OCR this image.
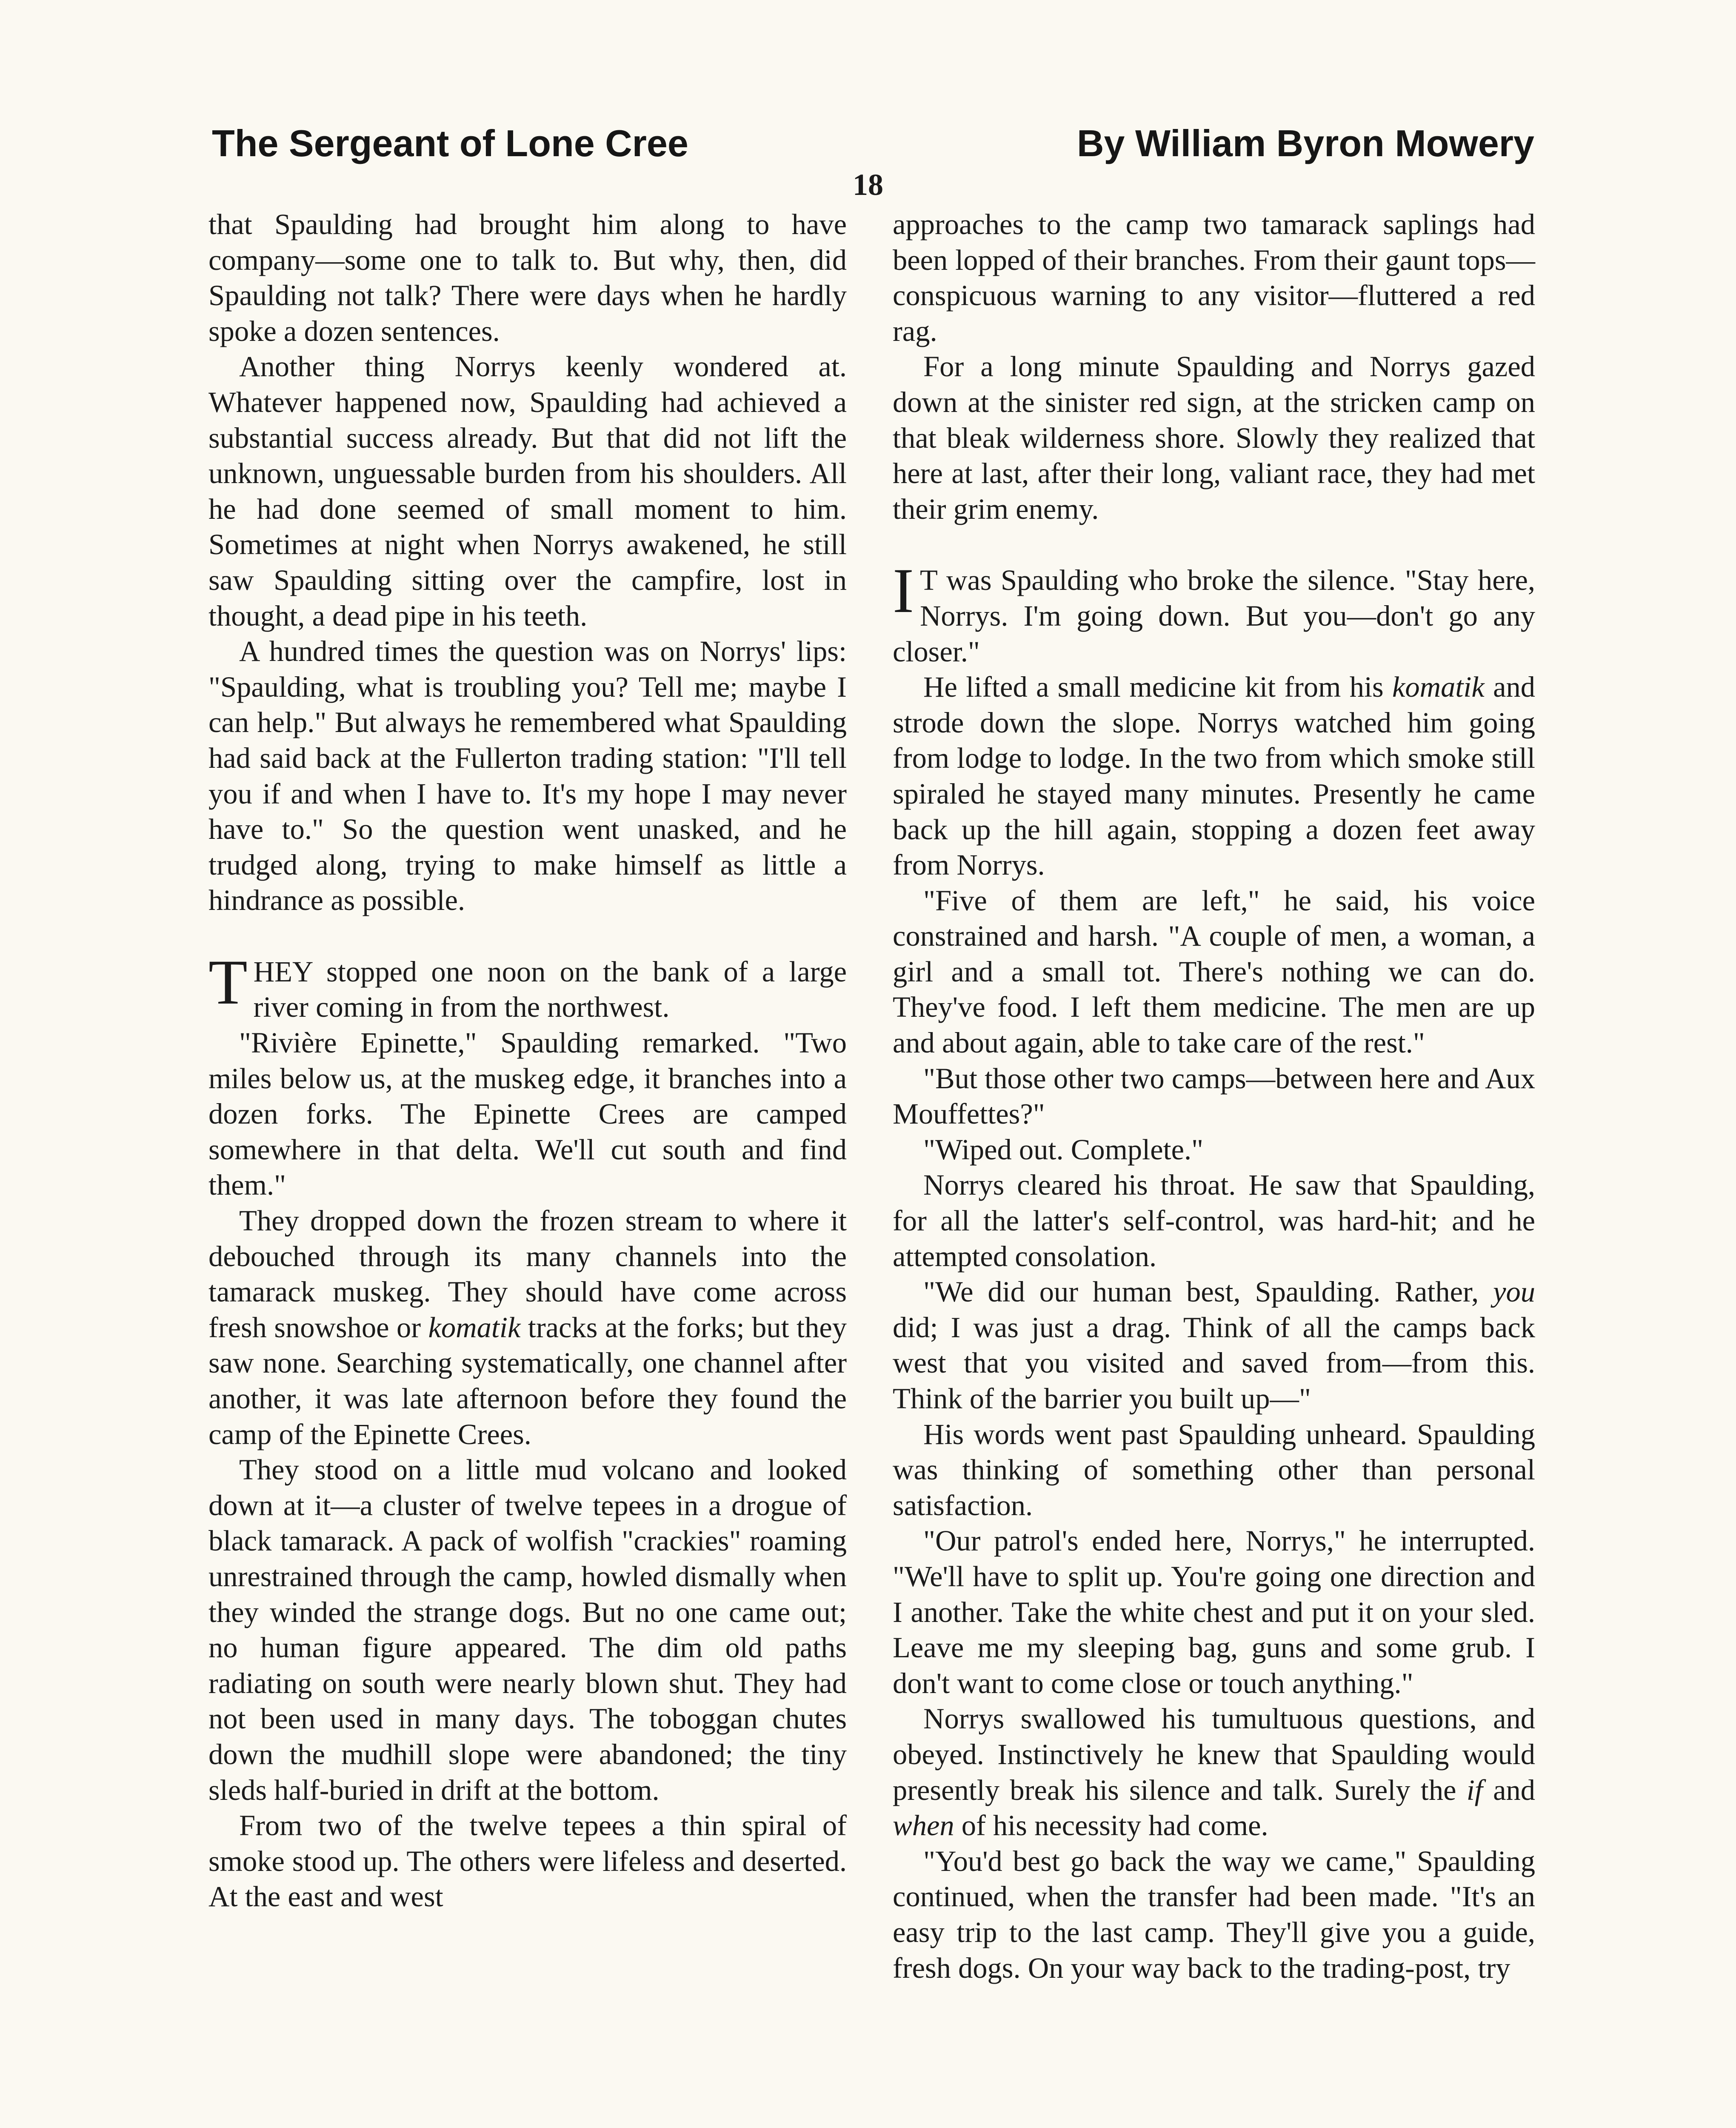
The Sergeant of Lone Cree	By William Byron Mowery
18

that Spaulding had brought him along to have company—some one to talk to. But why, then, did Spaulding not talk? There were days when he hardly spoke a dozen sentences.

Another thing Norrys keenly wondered at. Whatever happened now, Spaulding had achieved a substantial success already. But that did not lift the unknown, unguessable burden from his shoulders. All he had done seemed of small moment to him. Sometimes at night when Norrys awakened, he still saw Spaulding sitting over the campfire, lost in thought, a dead pipe in his teeth.

A hundred times the question was on Norrys' lips: "Spaulding, what is troubling you? Tell me; maybe I can help." But always he remembered what Spaulding had said back at the Fullerton trading station: "I'll tell you if and when I have to. It's my hope I may never have to." So the question went unasked, and he trudged along, trying to make himself as little a hindrance as possible.

THEY stopped one noon on the bank of a large river coming in from the northwest.

"Rivière Epinette," Spaulding remarked. "Two miles below us, at the muskeg edge, it branches into a dozen forks. The Epinette Crees are camped somewhere in that delta. We'll cut south and find them."

They dropped down the frozen stream to where it debouched through its many channels into the tamarack muskeg. They should have come across fresh snowshoe or komatik tracks at the forks; but they saw none. Searching systematically, one channel after another, it was late afternoon before they found the camp of the Epinette Crees.

They stood on a little mud volcano and looked down at it—a cluster of twelve tepees in a drogue of black tamarack. A pack of wolfish "crackies" roaming unrestrained through the camp, howled dismally when they winded the strange dogs. But no one came out; no human figure appeared. The dim old paths radiating on south were nearly blown shut. They had not been used in many days. The toboggan chutes down the mudhill slope were abandoned; the tiny sleds half-buried in drift at the bottom.

From two of the twelve tepees a thin spiral of smoke stood up. The others were lifeless and deserted. At the east and west

approaches to the camp two tamarack saplings had been lopped of their branches. From their gaunt tops—conspicuous warning to any visitor—fluttered a red rag.

For a long minute Spaulding and Norrys gazed down at the sinister red sign, at the stricken camp on that bleak wilderness shore. Slowly they realized that here at last, after their long, valiant race, they had met their grim enemy.

I T was Spaulding who broke the silence. "Stay here, Norrys. I'm going down. But you—don't go any closer."

He lifted a small medicine kit from his komatik and strode down the slope. Norrys watched him going from lodge to lodge. In the two from which smoke still spiraled he stayed many minutes. Presently he came back up the hill again, stopping a dozen feet away from Norrys.

"Five of them are left," he said, his voice constrained and harsh. "A couple of men, a woman, a girl and a small tot. There's nothing we can do. They've food. I left them medicine. The men are up and about again, able to take care of the rest."

"But those other two camps—between here and Aux Mouffettes?"

"Wiped out. Complete."

Norrys cleared his throat. He saw that Spaulding, for all the latter's self-control, was hard-hit; and he attempted consolation.

"We did our human best, Spaulding. Rather, you did; I was just a drag. Think of all the camps back west that you visited and saved from—from this. Think of the barrier you built up—"

His words went past Spaulding unheard. Spaulding was thinking of something other than personal satisfaction.

"Our patrol's ended here, Norrys," he interrupted. "We'll have to split up. You're going one direction and I another. Take the white chest and put it on your sled. Leave me my sleeping bag, guns and some grub. I don't want to come close or touch anything."

Norrys swallowed his tumultuous questions, and obeyed. Instinctively he knew that Spaulding would presently break his silence and talk. Surely the if and when of his necessity had come.

"You'd best go back the way we came," Spaulding continued, when the transfer had been made. "It's an easy trip to the last camp. They'll give you a guide, fresh dogs. On your way back to the trading-post, try
